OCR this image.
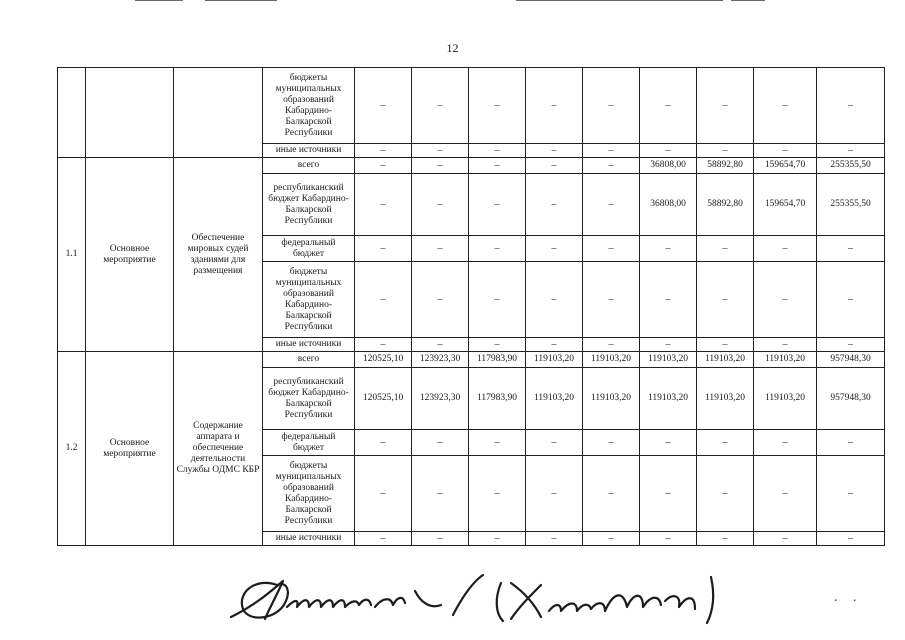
12
			бюджеты муниципальных образований Кабардино-Балкарской Республики	–	–	–	–	–	–	–	–	–
			иные источники	–	–	–	–	–	–	–	–	–
1.1	Основное мероприятие	Обеспечение мировых судей зданиями для размещения	всего	–	–	–	–	–	36808,00	58892,80	159654,70	255355,50
			республиканский бюджет Кабардино-Балкарской Республики	–	–	–	–	–	36808,00	58892,80	159654,70	255355,50
			федеральный бюджет	–	–	–	–	–	–	–	–	–
			бюджеты муниципальных образований Кабардино-Балкарской Республики	–	–	–	–	–	–	–	–	–
			иные источники	–	–	–	–	–	–	–	–	–
1.2	Основное мероприятие	Содержание аппарата и обеспечение деятельности Службы ОДМС КБР	всего	120525,10	123923,30	117983,90	119103,20	119103,20	119103,20	119103,20	119103,20	957948,30
			республиканский бюджет Кабардино-Балкарской Республики	120525,10	123923,30	117983,90	119103,20	119103,20	119103,20	119103,20	119103,20	957948,30
			федеральный бюджет	–	–	–	–	–	–	–	–	–
			бюджеты муниципальных образований Кабардино-Балкарской Республики	–	–	–	–	–	–	–	–	–
			иные источники	–	–	–	–	–	–	–	–	–
. .
